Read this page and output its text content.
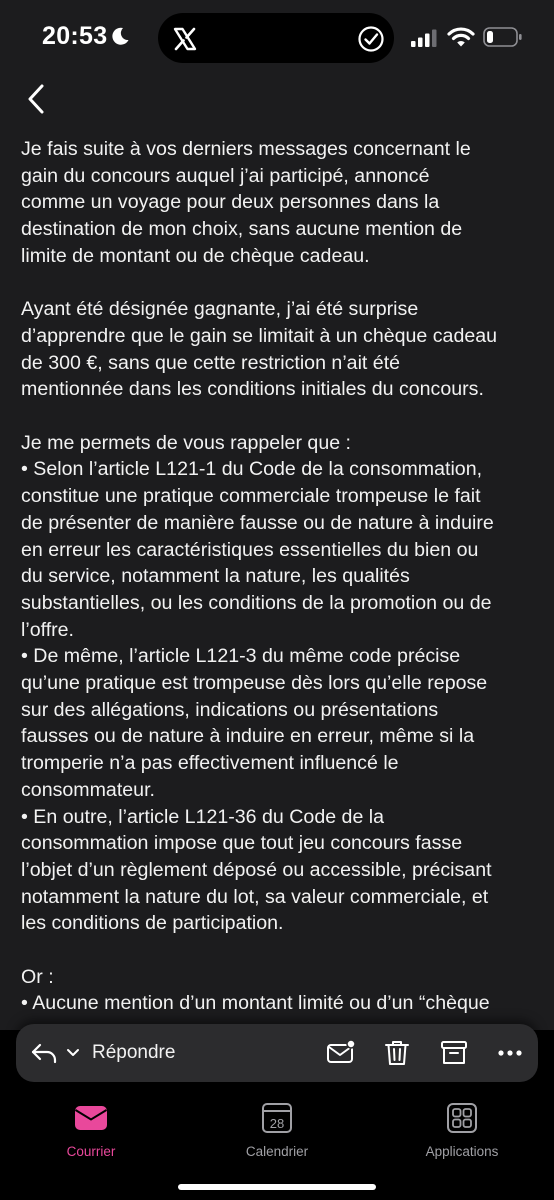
20:53

Je fais suite à vos derniers messages concernant le
gain du concours auquel j’ai participé, annoncé
comme un voyage pour deux personnes dans la
destination de mon choix, sans aucune mention de
limite de montant ou de chèque cadeau.

Ayant été désignée gagnante, j’ai été surprise
d’apprendre que le gain se limitait à un chèque cadeau
de 300 €, sans que cette restriction n’ait été
mentionnée dans les conditions initiales du concours.

Je me permets de vous rappeler que :
• Selon l’article L121-1 du Code de la consommation,
constitue une pratique commerciale trompeuse le fait
de présenter de manière fausse ou de nature à induire
en erreur les caractéristiques essentielles du bien ou
du service, notamment la nature, les qualités
substantielles, ou les conditions de la promotion ou de
l’offre.
• De même, l’article L121-3 du même code précise
qu’une pratique est trompeuse dès lors qu’elle repose
sur des allégations, indications ou présentations
fausses ou de nature à induire en erreur, même si la
tromperie n’a pas effectivement influencé le
consommateur.
• En outre, l’article L121-36 du Code de la
consommation impose que tout jeu concours fasse
l’objet d’un règlement déposé ou accessible, précisant
notamment la nature du lot, sa valeur commerciale, et
les conditions de participation.

Or :
• Aucune mention d’un montant limité ou d’un “chèque

Répondre
Courrier
28
Calendrier	Applications
